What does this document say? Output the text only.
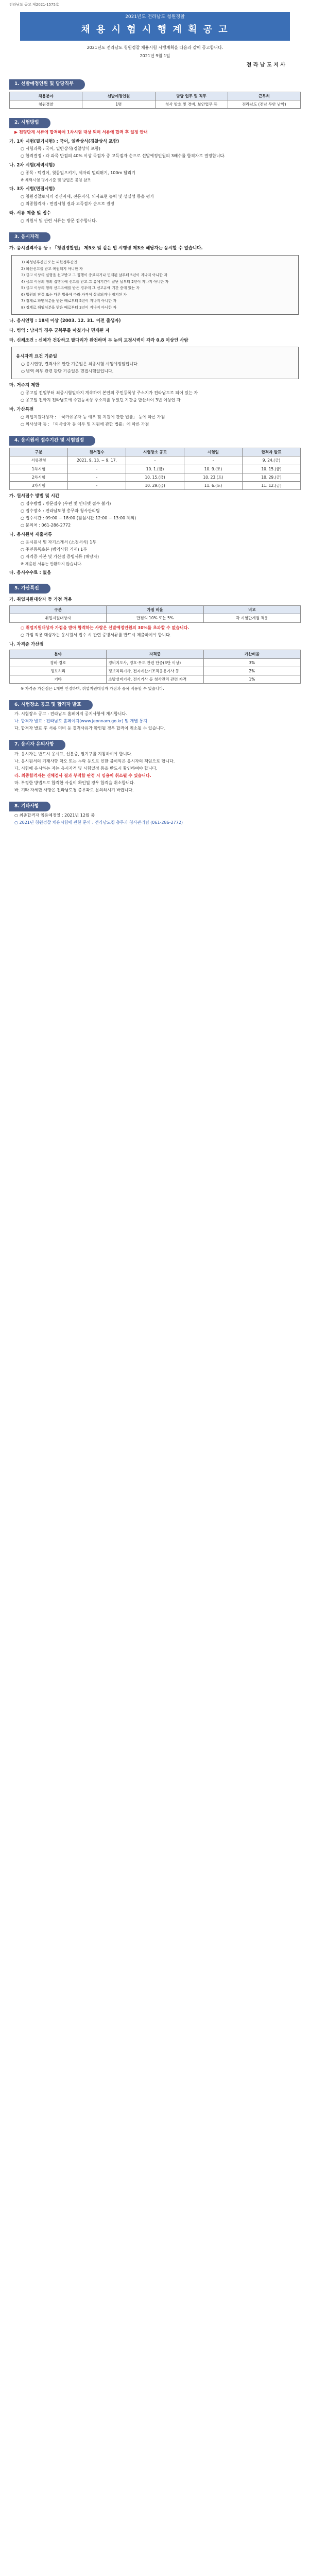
전라남도 공고 제2021-1575호
2021년도 전라남도 청원경찰
채 용 시 험 시 행 계 획 공 고
2021년도 전라남도 청원경찰 채용시험 시행계획을 다음과 같이 공고합니다.
2021년 9월 1일
전 라 남 도 지 사
1. 선발예정인원 및 담당직무
채용분야	선발예정인원	담당 업무 및 직무	근무처
청원경찰	1명	청사 방호 및 경비, 보안업무 등	전라남도 (전남 무안 남악)
2. 시험방법

▶ 전형단계 서류에 합격하여 1차시험 대상 되며 서류에 합격 후 일정 안내

가. 1차 시험(필기시험) : 국어, 일반상식(경찰상식 포함)

○ 시험과목 : 국어, 일반상식(경찰상식 포함)

○ 합격결정 : 각 과목 만점의 40% 이상 득점자 중 고득점자 순으로 선발예정인원의 3배수를 합격자로 결정합니다.

나. 2차 시험(체력시험)

○ 종목 : 턱걸이, 윗몸일으키기, 제자리 멀리뛰기, 100m 달리기

※ 체력시험 평가기준 및 방법은 붙임 참조

다. 3차 시험(면접시험)

○ 청원경찰로서의 정신자세, 전문지식, 의사표현 능력 및 성실성 등을 평가

○ 최종합격자 : 면접시험 결과 고득점자 순으로 결정

라. 서류 제출 및 접수

○ 지원서 및 관련 서류는 방문 접수합니다.

3. 응시자격
가. 응시결격사유 등 : 「청원경찰법」 제5조 및 같은 법 시행령 제3조 해당자는 응시할 수 없습니다.

1) 피성년후견인 또는 피한정후견인

2) 파산선고를 받고 복권되지 아니한 자

3) 금고 이상의 실형을 선고받고 그 집행이 종료되거나 면제된 날부터 5년이 지나지 아니한 자

4) 금고 이상의 형의 집행유예 선고를 받고 그 유예기간이 끝난 날부터 2년이 지나지 아니한 자

5) 금고 이상의 형의 선고유예를 받은 경우에 그 선고유예 기간 중에 있는 자

6) 법원의 판결 또는 다른 법률에 따라 자격이 상실되거나 정지된 자

7) 징계로 파면처분을 받은 때로부터 5년이 지나지 아니한 자

8) 징계로 해임처분을 받은 때로부터 3년이 지나지 아니한 자

나. 응시연령 : 18세 이상 (2003. 12. 31. 이전 출생자)
다. 병역 : 남자의 경우 군복무를 마쳤거나 면제된 자
라. 신체조건 : 신체가 건강하고 팔다리가 완전하며 두 눈의 교정시력이 각각 0.8 이상인 사람
응시자격 요건 기준일

○ 응시연령, 결격사유 판단 기준일은 최종시험 시행예정일입니다.

○ 병역 의무 관련 판단 기준일은 면접시험일입니다.

마. 거주지 제한

○ 공고일 전일부터 최종시험일까지 계속하여 본인의 주민등록상 주소지가 전라남도로 되어 있는 자

○ 공고일 전까지 전라남도에 주민등록상 주소지를 두었던 기간을 합산하여 3년 이상인 자

바. 가산특전

○ 취업지원대상자 : 「국가유공자 등 예우 및 지원에 관한 법률」 등에 따른 가점

○ 의사상자 등 : 「의사상자 등 예우 및 지원에 관한 법률」에 따른 가점

4. 응시원서 접수기간 및 시험일정
구분	원서접수	시험장소 공고	시험일	합격자 발표
서류전형	2021. 9. 13. ~ 9. 17.	-	-	9. 24.(금)
1차시험	-	10. 1.(금)	10. 9.(토)	10. 15.(금)
2차시험	-	10. 15.(금)	10. 23.(토)	10. 29.(금)
3차시험	-	10. 29.(금)	11. 6.(토)	11. 12.(금)
가. 원서접수 방법 및 시간

○ 접수방법 : 방문접수 (우편 및 인터넷 접수 불가)

○ 접수장소 : 전라남도청 총무과 청사관리팀

○ 접수시간 : 09:00 ~ 18:00 (점심시간 12:00 ~ 13:00 제외)

○ 문의처 : 061-286-2772

나. 응시원서 제출서류

○ 응시원서 및 자기소개서 (소정서식) 1부

○ 주민등록초본 (병역사항 기재) 1부

○ 자격증 사본 및 가산점 증빙서류 (해당자)

※ 제출된 서류는 반환하지 않습니다.

다. 응시수수료 : 없음
5. 가산특전
가. 취업지원대상자 등 가점 적용
구분	가점 비율	비고
취업지원대상자	만점의 10% 또는 5%	각 시험단계별 적용

○ 취업지원대상자 가점을 받아 합격하는 사람은 선발예정인원의 30%를 초과할 수 없습니다.

○ 가점 적용 대상자는 응시원서 접수 시 관련 증빙서류를 반드시 제출하여야 합니다.

나. 자격증 가산점
분야	자격증	가산비율
경비·경호	경비지도사, 경호·무도 관련 단증(3단 이상)	3%
정보처리	정보처리기사, 전자계산기조직응용기사 등	2%
기타	소방설비기사, 전기기사 등 청사관리 관련 자격	1%

※ 자격증 가산점은 1개만 인정하며, 취업지원대상자 가점과 중복 적용할 수 있습니다.

6. 시험장소 공고 및 합격자 발표

가. 시험장소 공고 : 전라남도 홈페이지 공지사항에 게시합니다.

나. 합격자 발표 : 전라남도 홈페이지(www.jeonnam.go.kr) 및 개별 통지

다. 합격자 발표 후 서류 미비 등 결격사유가 확인될 경우 합격이 취소될 수 있습니다.

7. 응시자 유의사항

가. 응시자는 반드시 응시표, 신분증, 필기구를 지참하여야 합니다.

나. 응시원서의 기재사항 착오 또는 누락 등으로 인한 불이익은 응시자의 책임으로 합니다.

다. 시험에 응시하는 자는 응시자격 및 시험일정 등을 반드시 확인하여야 합니다.

라. 최종합격자는 신체검사 결과 부적합 판정 시 임용이 취소될 수 있습니다.

마. 부정한 방법으로 합격한 사실이 확인될 경우 합격을 취소합니다.

바. 기타 자세한 사항은 전라남도청 총무과로 문의하시기 바랍니다.

8. 기타사항

○ 최종합격자 임용예정일 : 2021년 12월 중

○ 2021년 청원경찰 채용시험에 관한 문의 : 전라남도청 총무과 청사관리팀 (061-286-2772)
